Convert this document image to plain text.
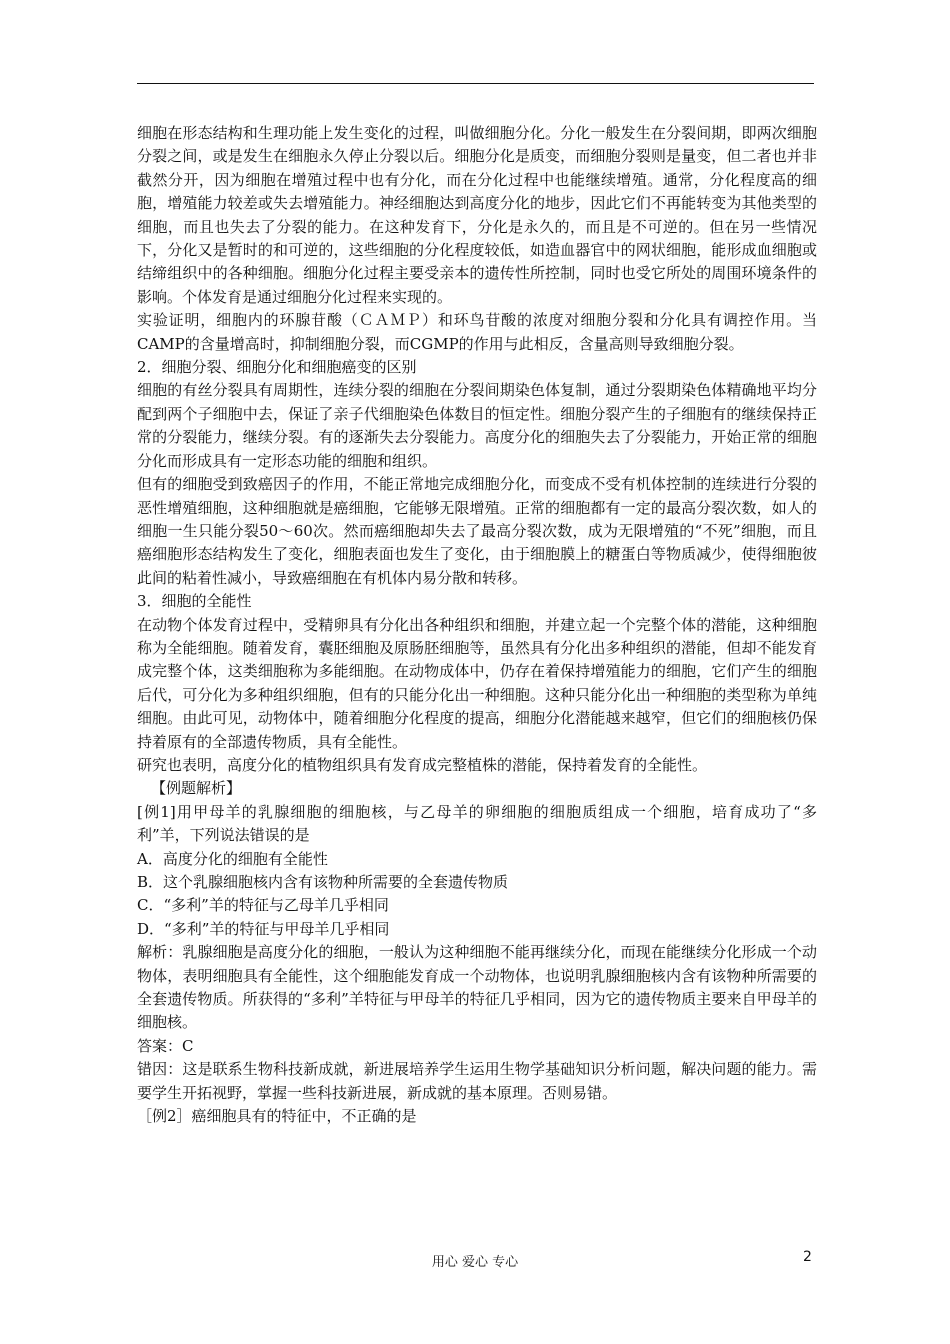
细胞在形态结构和生理功能上发生变化的过程，叫做细胞分化。分化一般发生在分裂间期，即两次细胞分裂之间，或是发生在细胞永久停止分裂以后。细胞分化是质变，而细胞分裂则是量变，但二者也并非截然分开，因为细胞在增殖过程中也有分化，而在分化过程中也能继续增殖。通常，分化程度高的细胞，增殖能力较差或失去增殖能力。神经细胞达到高度分化的地步，因此它们不再能转变为其他类型的细胞，而且也失去了分裂的能力。在这种发育下，分化是永久的，而且是不可逆的。但在另一些情况下，分化又是暂时的和可逆的，这些细胞的分化程度较低，如造血器官中的网状细胞，能形成血细胞或结缔组织中的各种细胞。细胞分化过程主要受亲本的遗传性所控制，同时也受它所处的周围环境条件的影响。个体发育是通过细胞分化过程来实现的。

实验证明，细胞内的环腺苷酸（ＣＡＭＰ）和环鸟苷酸的浓度对细胞分裂和分化具有调控作用。当CAMP的含量增高时，抑制细胞分裂，而CGMP的作用与此相反，含量高则导致细胞分裂。

2．细胞分裂、细胞分化和细胞癌变的区别

细胞的有丝分裂具有周期性，连续分裂的细胞在分裂间期染色体复制，通过分裂期染色体精确地平均分配到两个子细胞中去，保证了亲子代细胞染色体数目的恒定性。细胞分裂产生的子细胞有的继续保持正常的分裂能力，继续分裂。有的逐渐失去分裂能力。高度分化的细胞失去了分裂能力，开始正常的细胞分化而形成具有一定形态功能的细胞和组织。

但有的细胞受到致癌因子的作用，不能正常地完成细胞分化，而变成不受有机体控制的连续进行分裂的恶性增殖细胞，这种细胞就是癌细胞，它能够无限增殖。正常的细胞都有一定的最高分裂次数，如人的细胞一生只能分裂50～60次。然而癌细胞却失去了最高分裂次数，成为无限增殖的“不死”细胞，而且癌细胞形态结构发生了变化，细胞表面也发生了变化，由于细胞膜上的糖蛋白等物质减少，使得细胞彼此间的粘着性减小，导致癌细胞在有机体内易分散和转移。

3．细胞的全能性

在动物个体发育过程中，受精卵具有分化出各种组织和细胞，并建立起一个完整个体的潜能，这种细胞称为全能细胞。随着发育，囊胚细胞及原肠胚细胞等，虽然具有分化出多种组织的潜能，但却不能发育成完整个体，这类细胞称为多能细胞。在动物成体中，仍存在着保持增殖能力的细胞，它们产生的细胞后代，可分化为多种组织细胞，但有的只能分化出一种细胞。这种只能分化出一种细胞的类型称为单纯细胞。由此可见，动物体中，随着细胞分化程度的提高，细胞分化潜能越来越窄，但它们的细胞核仍保持着原有的全部遗传物质，具有全能性。

研究也表明，高度分化的植物组织具有发育成完整植株的潜能，保持着发育的全能性。

【例题解析】

[例1]用甲母羊的乳腺细胞的细胞核，与乙母羊的卵细胞的细胞质组成一个细胞，培育成功了“多利”羊，下列说法错误的是

A．高度分化的细胞有全能性

B．这个乳腺细胞核内含有该物种所需要的全套遗传物质

C．“多利”羊的特征与乙母羊几乎相同

D．“多利”羊的特征与甲母羊几乎相同

解析：乳腺细胞是高度分化的细胞，一般认为这种细胞不能再继续分化，而现在能继续分化形成一个动物体，表明细胞具有全能性，这个细胞能发育成一个动物体，也说明乳腺细胞核内含有该物种所需要的全套遗传物质。所获得的“多利”羊特征与甲母羊的特征几乎相同，因为它的遗传物质主要来自甲母羊的细胞核。

答案：C

错因：这是联系生物科技新成就，新进展培养学生运用生物学基础知识分析问题，解决问题的能力。需要学生开拓视野，掌握一些科技新进展，新成就的基本原理。否则易错。

［例2］癌细胞具有的特征中，不正确的是

用心 爱心 专心	2
